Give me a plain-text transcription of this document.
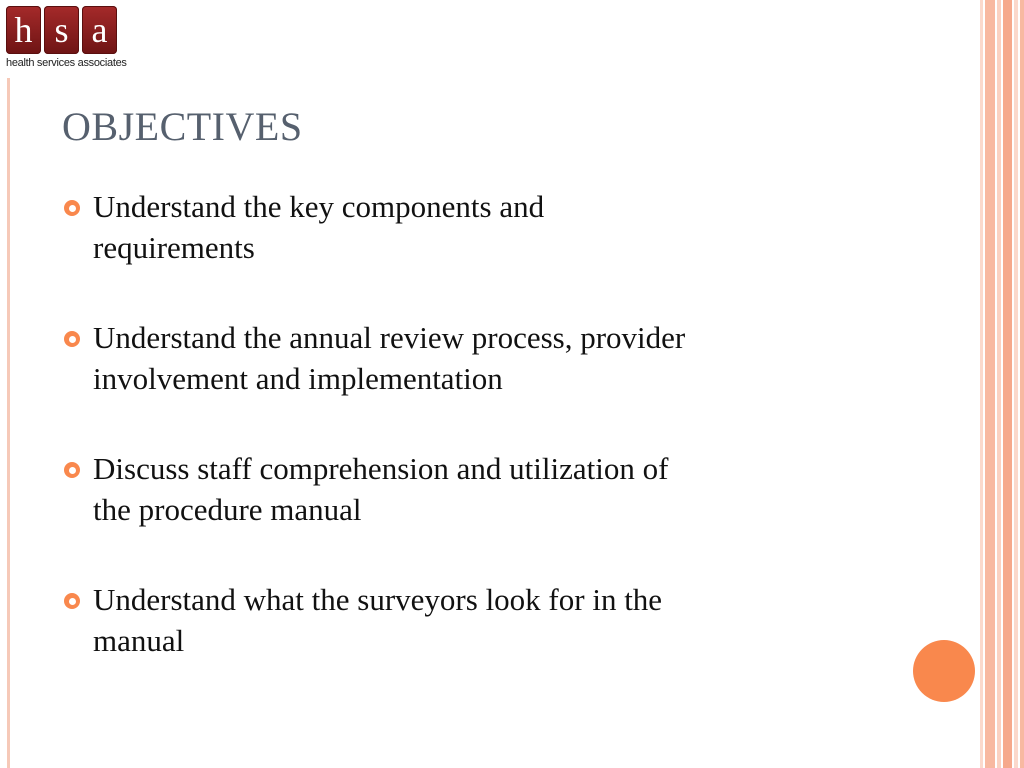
h s a
health services associates
OBJECTIVES
Understand the key components and
requirements
Understand the annual review process, provider
involvement and implementation
Discuss staff comprehension and utilization of
the procedure manual
Understand what the surveyors look for in the
manual
